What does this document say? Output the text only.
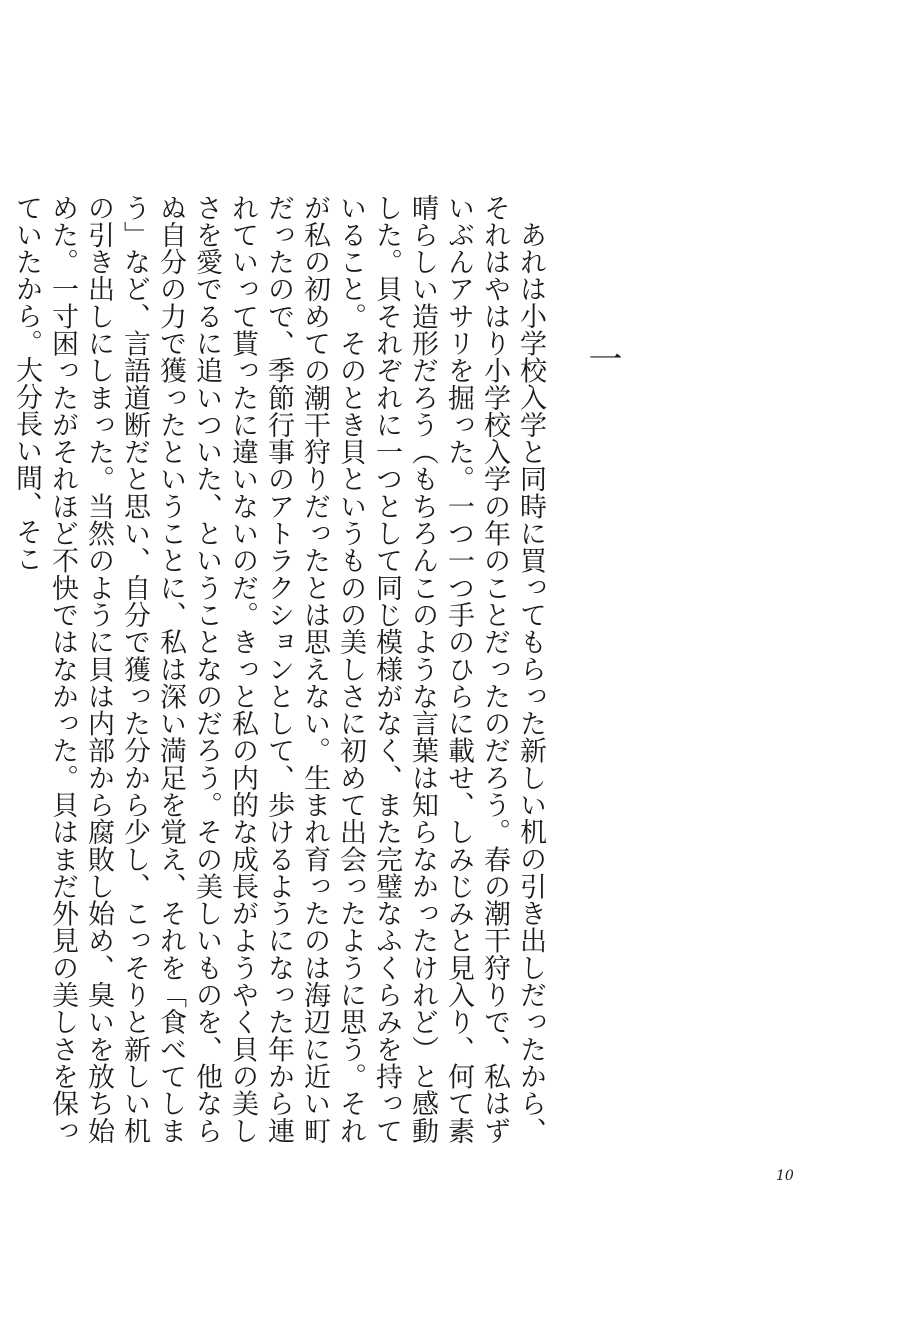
一

あれは小学校入学と同時に買ってもらった新しい机の引き出しだったから、それはやはり小学校入学の年のことだったのだろう。春の潮干狩りで、私はずいぶんアサリを掘った。一つ一つ手のひらに載せ、しみじみと見入り、何て素晴らしい造形だろう（もちろんこのような言葉は知らなかったけれど）と感動した。貝それぞれに一つとして同じ模様がなく、また完璧なふくらみを持っていること。そのとき貝というものの美しさに初めて出会ったように思う。それが私の初めての潮干狩りだったとは思えない。生まれ育ったのは海辺に近い町だったので、季節行事のアトラクションとして、歩けるようになった年から連れていって貰ったに違いないのだ。きっと私の内的な成長がようやく貝の美しさを愛でるに追いついた、ということなのだろう。その美しいものを、他ならぬ自分の力で獲ったということに、私は深い満足を覚え、それを「食べてしまう」など、言語道断だと思い、自分で獲った分から少し、こっそりと新しい机の引き出しにしまった。当然のように貝は内部から腐敗し始め、臭いを放ち始めた。一寸困ったがそれほど不快ではなかった。貝はまだ外見の美しさを保っていたから。大分長い間、そこ

10
